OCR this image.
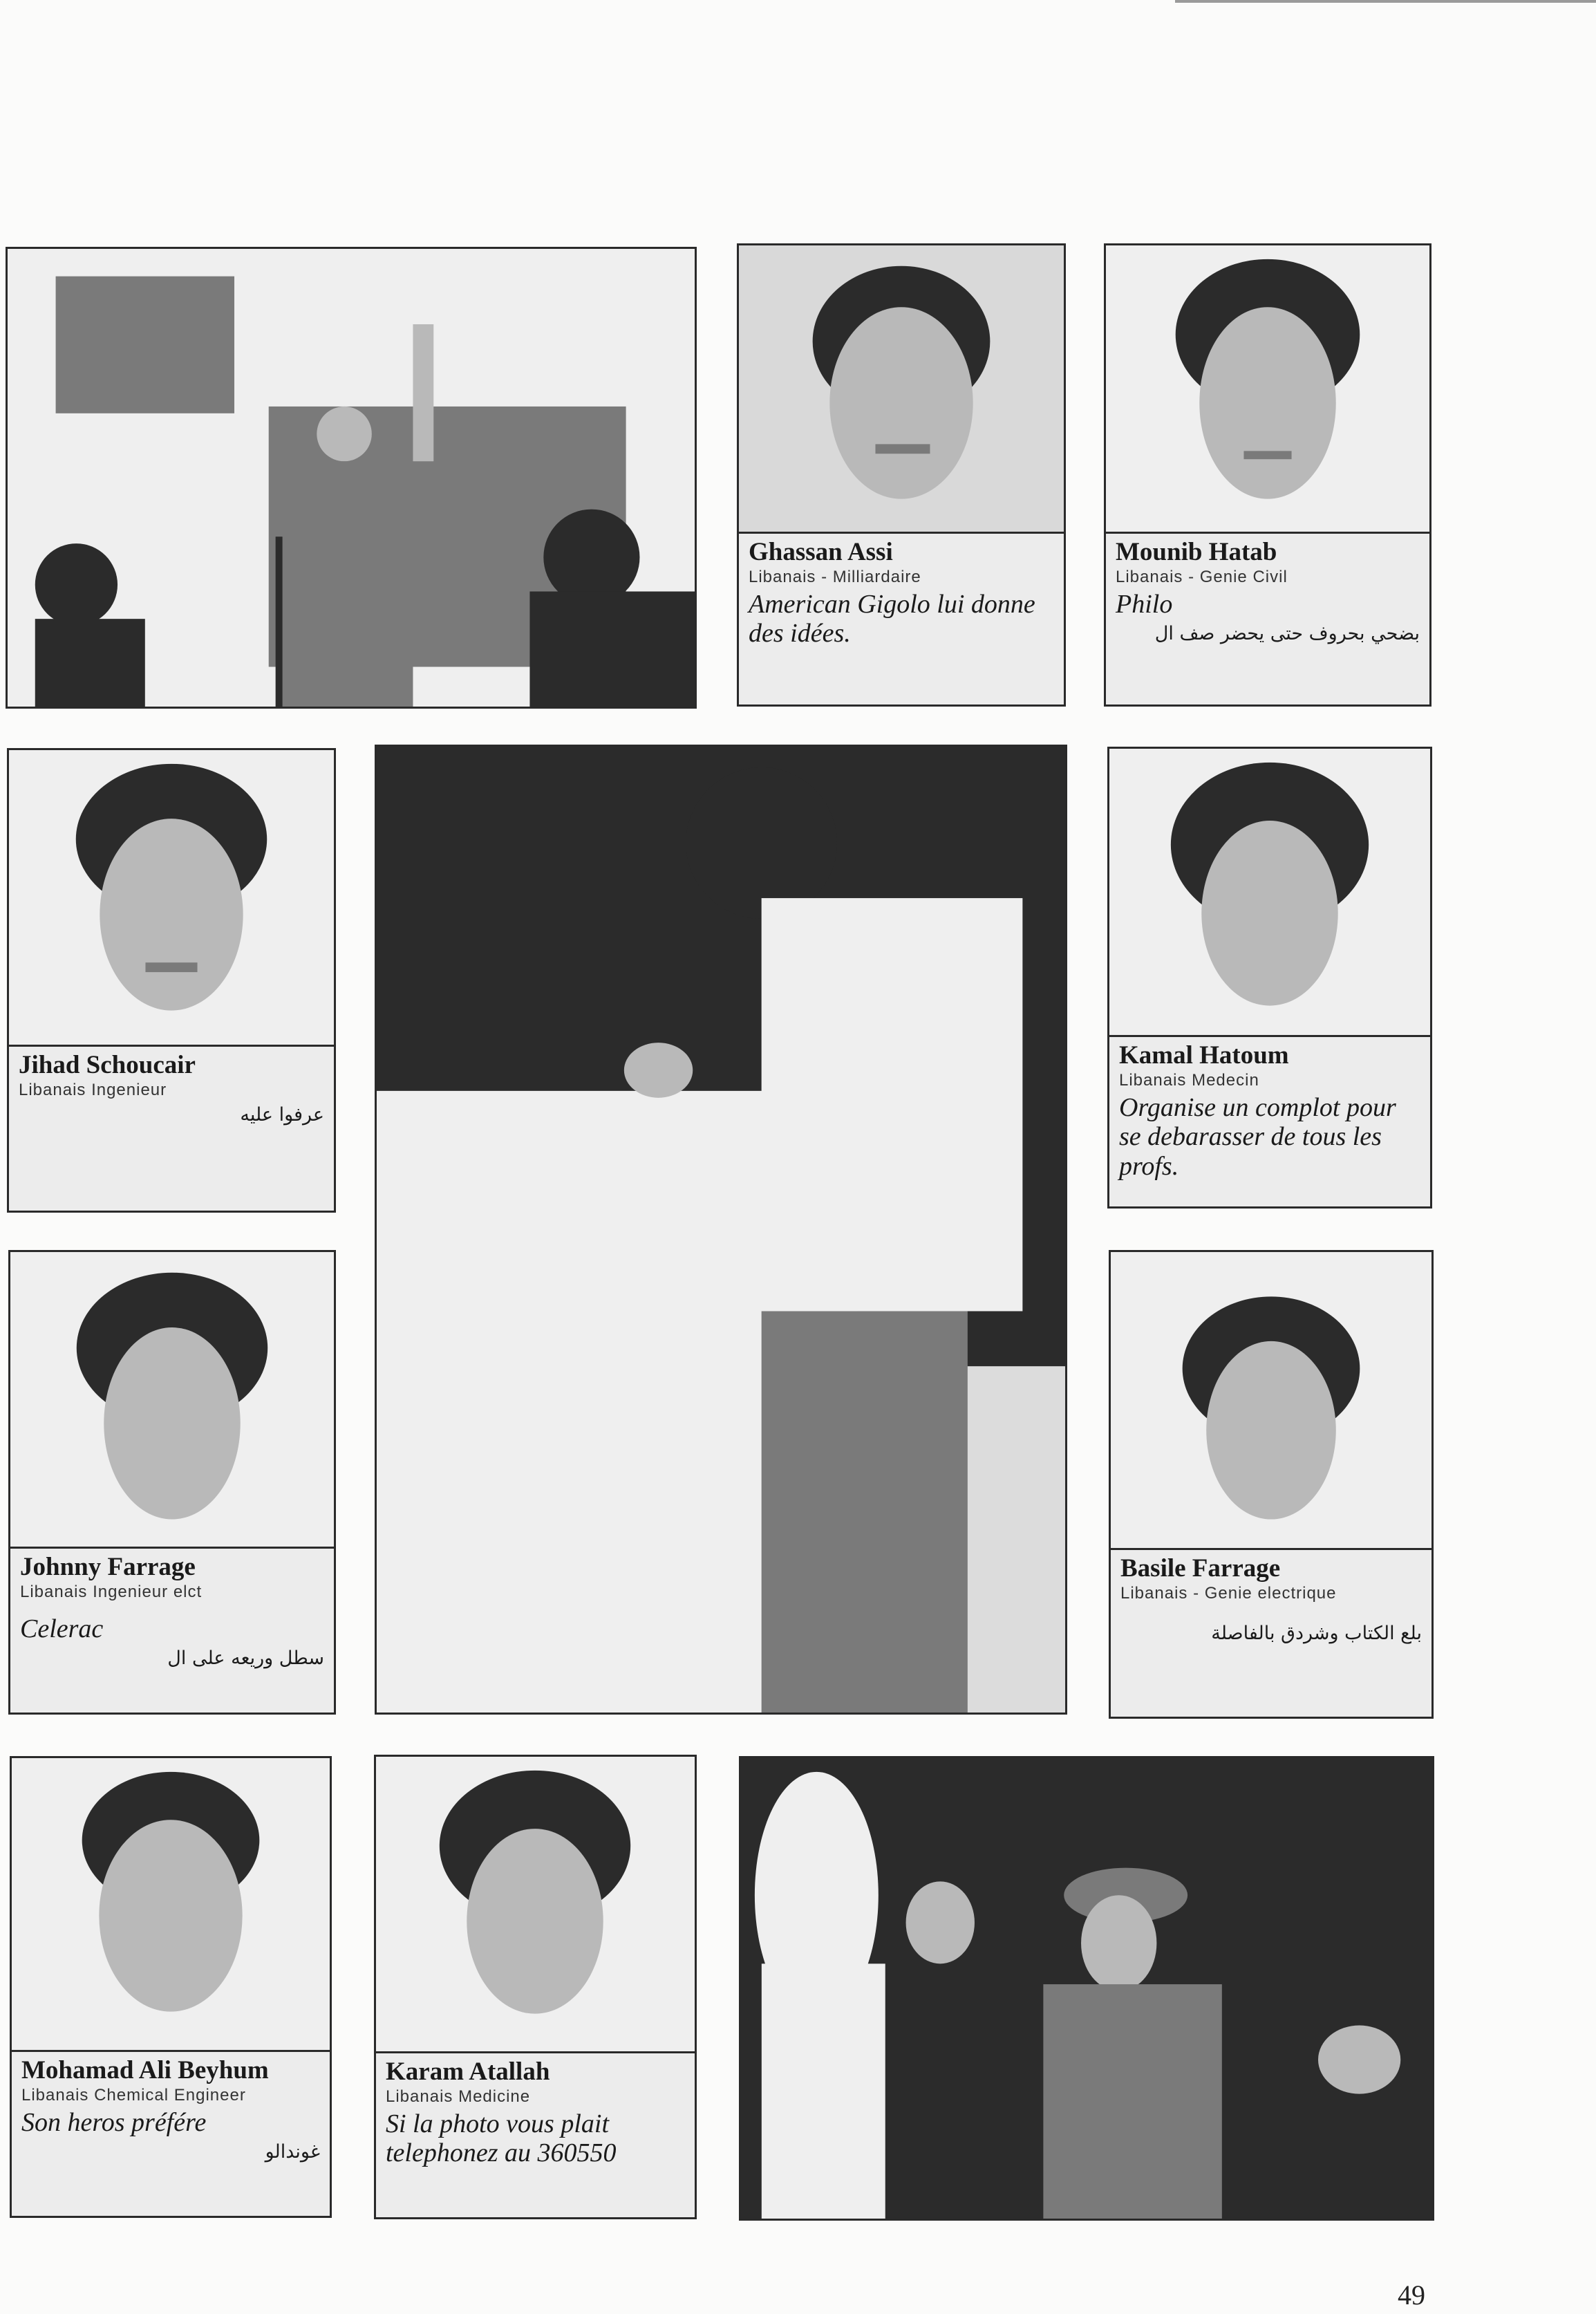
Ghassan Assi
Libanais - Milliardaire
American Gigolo lui donne des idées.
Mounib Hatab
Libanais - Genie Civil
Philo
بضحي بحروف حتى يحضر صف ال
Jihad Schoucair
Libanais Ingenieur
عرفوا عليه
Kamal Hatoum
Libanais Medecin
Organise un complot pour se debarasser de tous les profs.
Johnny Farrage
Libanais Ingenieur elct
Celerac
سطل وريعه على ال
Basile Farrage
Libanais - Genie electrique
بلع الكتاب وشردق بالفاصلة
Mohamad Ali Beyhum
Libanais Chemical Engineer
Son heros préfére
غوندالو
Karam Atallah
Libanais Medicine
Si la photo vous plait telephonez au 360550
49
